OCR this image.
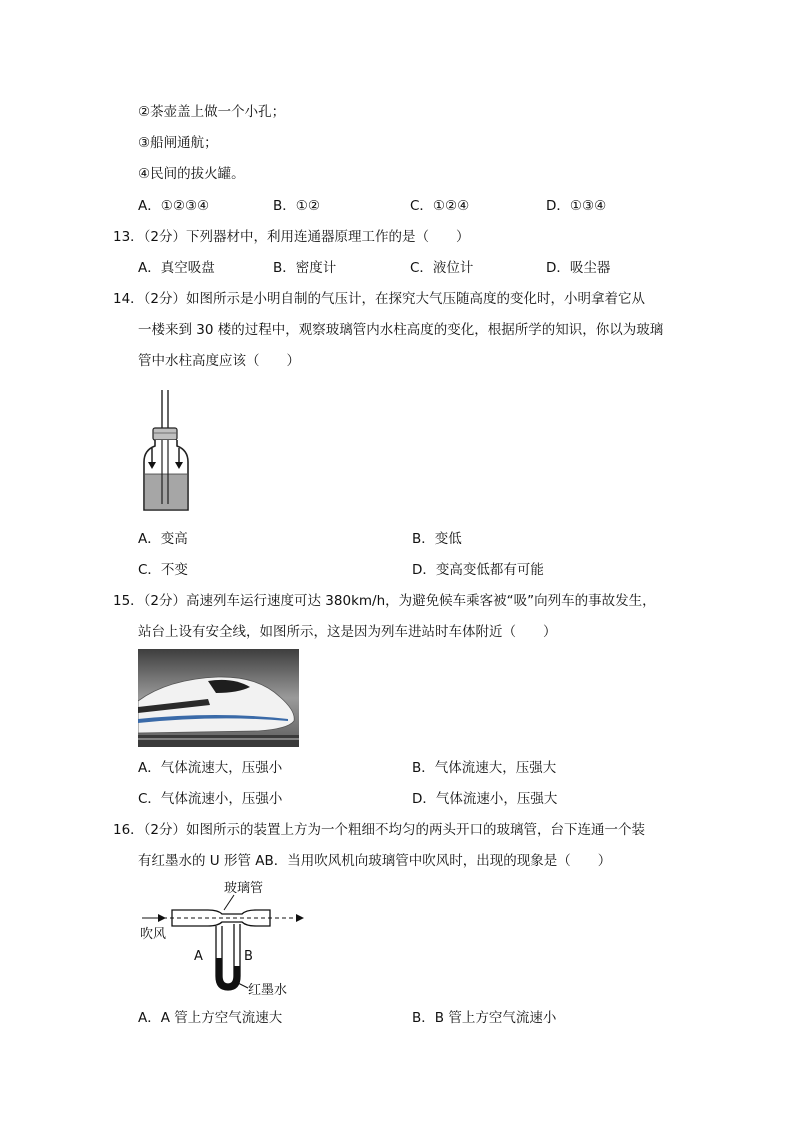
②茶壶盖上做一个小孔；
③船闸通航；
④民间的拔火罐。
A．①②③④	B．①②	C．①②④	D．①③④
13．（2分）下列器材中，利用连通器原理工作的是（　　）
A．真空吸盘	B．密度计	C．液位计	D．吸尘器
14．（2分）如图所示是小明自制的气压计，在探究大气压随高度的变化时，小明拿着它从
一楼来到 30 楼的过程中，观察玻璃管内水柱高度的变化，根据所学的知识，你以为玻璃
管中水柱高度应该（　　）
A．变高	B．变低
C．不变	D．变高变低都有可能
15．（2分）高速列车运行速度可达 380km/h，为避免候车乘客被“吸”向列车的事故发生，
站台上设有安全线，如图所示，这是因为列车进站时车体附近（　　）
A．气体流速大，压强小	B．气体流速大，压强大
C．气体流速小，压强小	D．气体流速小，压强大
16．（2分）如图所示的装置上方为一个粗细不均匀的两头开口的玻璃管，台下连通一个装
有红墨水的 U 形管 AB．当用吹风机向玻璃管中吹风时，出现的现象是（　　）
玻璃管
吹风
A	B
红墨水
A．A 管上方空气流速大	B．B 管上方空气流速小
